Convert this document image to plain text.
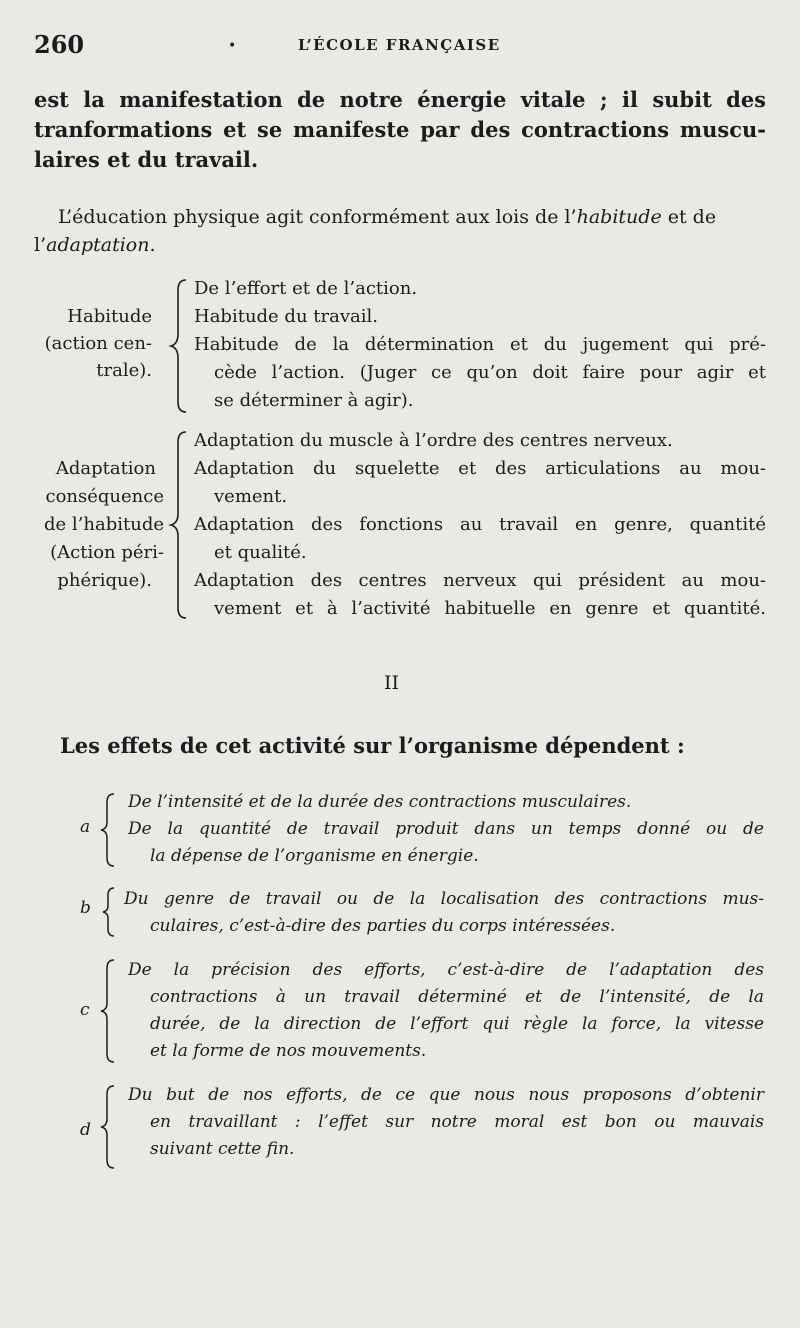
260	•	L’ÉCOLE FRANÇAISE
est la manifestation de notre énergie vitale ; il subit des
tranformations et se manifeste par des contractions muscu-
laires et du travail.
L’éducation physique agit conformément aux lois de l’habitude et de
l’adaptation.
Habitude
(action cen-
trale).
De l’effort et de l’action.
Habitude du travail.
Habitude de la détermination et du jugement qui pré-
cède l’action. (Juger ce qu’on doit faire pour agir et
se déterminer à agir).
Adaptation
conséquence
de l’habitude
(Action péri-
phérique).
Adaptation du muscle à l’ordre des centres nerveux.
Adaptation du squelette et des articulations au mou-
vement.
Adaptation des fonctions au travail en genre, quantité
et qualité.
Adaptation des centres nerveux qui président au mou-
vement et à l’activité habituelle en genre et quantité.
II
Les effets de cet activité sur l’organisme dépendent :
a
De l’intensité et de la durée des contractions musculaires.
De la quantité de travail produit dans un temps donné ou de
la dépense de l’organisme en énergie.
b Du genre de travail ou de la localisation des contractions mus-
culaires, c’est-à-dire des parties du corps intéressées.
c
De la précision des efforts, c’est-à-dire de l’adaptation des
contractions à un travail déterminé et de l’intensité, de la
durée, de la direction de l’effort qui règle la force, la vitesse
et la forme de nos mouvements.
d
Du but de nos efforts, de ce que nous nous proposons d’obtenir
en travaillant : l’effet sur notre moral est bon ou mauvais
suivant cette fin.
